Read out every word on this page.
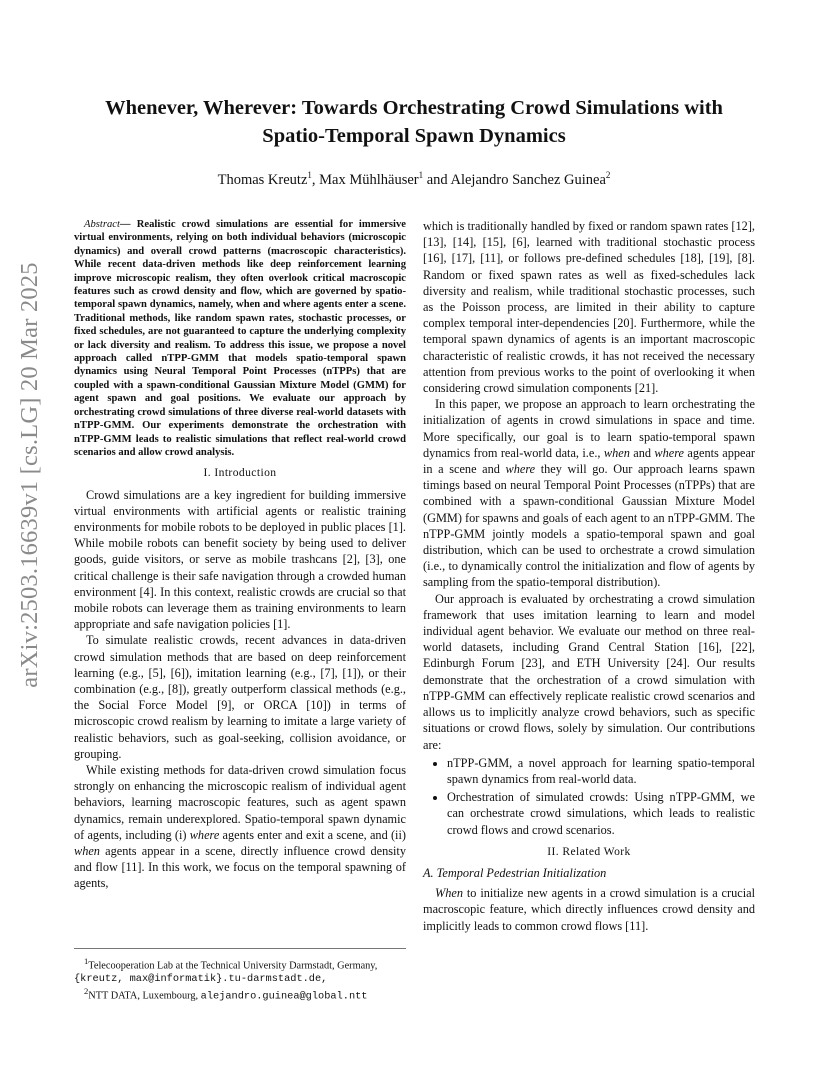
arXiv:2503.16639v1 [cs.LG] 20 Mar 2025
Whenever, Wherever: Towards Orchestrating Crowd Simulations with
Spatio-Temporal Spawn Dynamics
Thomas Kreutz$^1$, Max Mühlhäuser$^1$ and Alejandro Sanchez Guinea$^2$

Abstract— Realistic crowd simulations are essential for immersive virtual environments, relying on both individual behaviors (microscopic dynamics) and overall crowd patterns (macroscopic characteristics). While recent data-driven methods like deep reinforcement learning improve microscopic realism, they often overlook critical macroscopic features such as crowd density and flow, which are governed by spatio-temporal spawn dynamics, namely, when and where agents enter a scene. Traditional methods, like random spawn rates, stochastic processes, or fixed schedules, are not guaranteed to capture the underlying complexity or lack diversity and realism. To address this issue, we propose a novel approach called nTPP-GMM that models spatio-temporal spawn dynamics using Neural Temporal Point Processes (nTPPs) that are coupled with a spawn-conditional Gaussian Mixture Model (GMM) for agent spawn and goal positions. We evaluate our approach by orchestrating crowd simulations of three diverse real-world datasets with nTPP-GMM. Our experiments demonstrate the orchestration with nTPP-GMM leads to realistic simulations that reflect real-world crowd scenarios and allow crowd analysis.

I. Introduction

Crowd simulations are a key ingredient for building immersive virtual environments with artificial agents or realistic training environments for mobile robots to be deployed in public places [1]. While mobile robots can benefit society by being used to deliver goods, guide visitors, or serve as mobile trashcans [2], [3], one critical challenge is their safe navigation through a crowded human environment [4]. In this context, realistic crowds are crucial so that mobile robots can leverage them as training environments to learn appropriate and safe navigation policies [1].

To simulate realistic crowds, recent advances in data-driven crowd simulation methods that are based on deep reinforcement learning (e.g., [5], [6]), imitation learning (e.g., [7], [1]), or their combination (e.g., [8]), greatly outperform classical methods (e.g., the Social Force Model [9], or ORCA [10]) in terms of microscopic crowd realism by learning to imitate a large variety of realistic behaviors, such as goal-seeking, collision avoidance, or grouping.

While existing methods for data-driven crowd simulation focus strongly on enhancing the microscopic realism of individual agent behaviors, learning macroscopic features, such as agent spawn dynamics, remain underexplored. Spatio-temporal spawn dynamic of agents, including (i) where agents enter and exit a scene, and (ii) when agents appear in a scene, directly influence crowd density and flow [11]. In this work, we focus on the temporal spawning of agents,

$^1$Telecooperation Lab at the Technical University Darmstadt, Germany, {kreutz, max@informatik}.tu-darmstadt.de,
$^2$NTT DATA, Luxembourg, alejandro.guinea@global.ntt

which is traditionally handled by fixed or random spawn rates [12], [13], [14], [15], [6], learned with traditional stochastic process [16], [17], [11], or follows pre-defined schedules [18], [19], [8]. Random or fixed spawn rates as well as fixed-schedules lack diversity and realism, while traditional stochastic processes, such as the Poisson process, are limited in their ability to capture complex temporal inter-dependencies [20]. Furthermore, while the temporal spawn dynamics of agents is an important macroscopic characteristic of realistic crowds, it has not received the necessary attention from previous works to the point of overlooking it when considering crowd simulation components [21].

In this paper, we propose an approach to learn orchestrating the initialization of agents in crowd simulations in space and time. More specifically, our goal is to learn spatio-temporal spawn dynamics from real-world data, i.e., when and where agents appear in a scene and where they will go. Our approach learns spawn timings based on neural Temporal Point Processes (nTPPs) that are combined with a spawn-conditional Gaussian Mixture Model (GMM) for spawns and goals of each agent to an nTPP-GMM. The nTPP-GMM jointly models a spatio-temporal spawn and goal distribution, which can be used to orchestrate a crowd simulation (i.e., to dynamically control the initialization and flow of agents by sampling from the spatio-temporal distribution).

Our approach is evaluated by orchestrating a crowd simulation framework that uses imitation learning to learn and model individual agent behavior. We evaluate our method on three real-world datasets, including Grand Central Station [16], [22], Edinburgh Forum [23], and ETH University [24]. Our results demonstrate that the orchestration of a crowd simulation with nTPP-GMM can effectively replicate realistic crowd scenarios and allows us to implicitly analyze crowd behaviors, such as specific situations or crowd flows, solely by simulation. Our contributions are:

• nTPP-GMM, a novel approach for learning spatio-temporal spawn dynamics from real-world data.
• Orchestration of simulated crowds: Using nTPP-GMM, we can orchestrate crowd simulations, which leads to realistic crowd flows and crowd scenarios.
II. Related Work
A. Temporal Pedestrian Initialization

When to initialize new agents in a crowd simulation is a crucial macroscopic feature, which directly influences crowd density and implicitly leads to common crowd flows [11].
